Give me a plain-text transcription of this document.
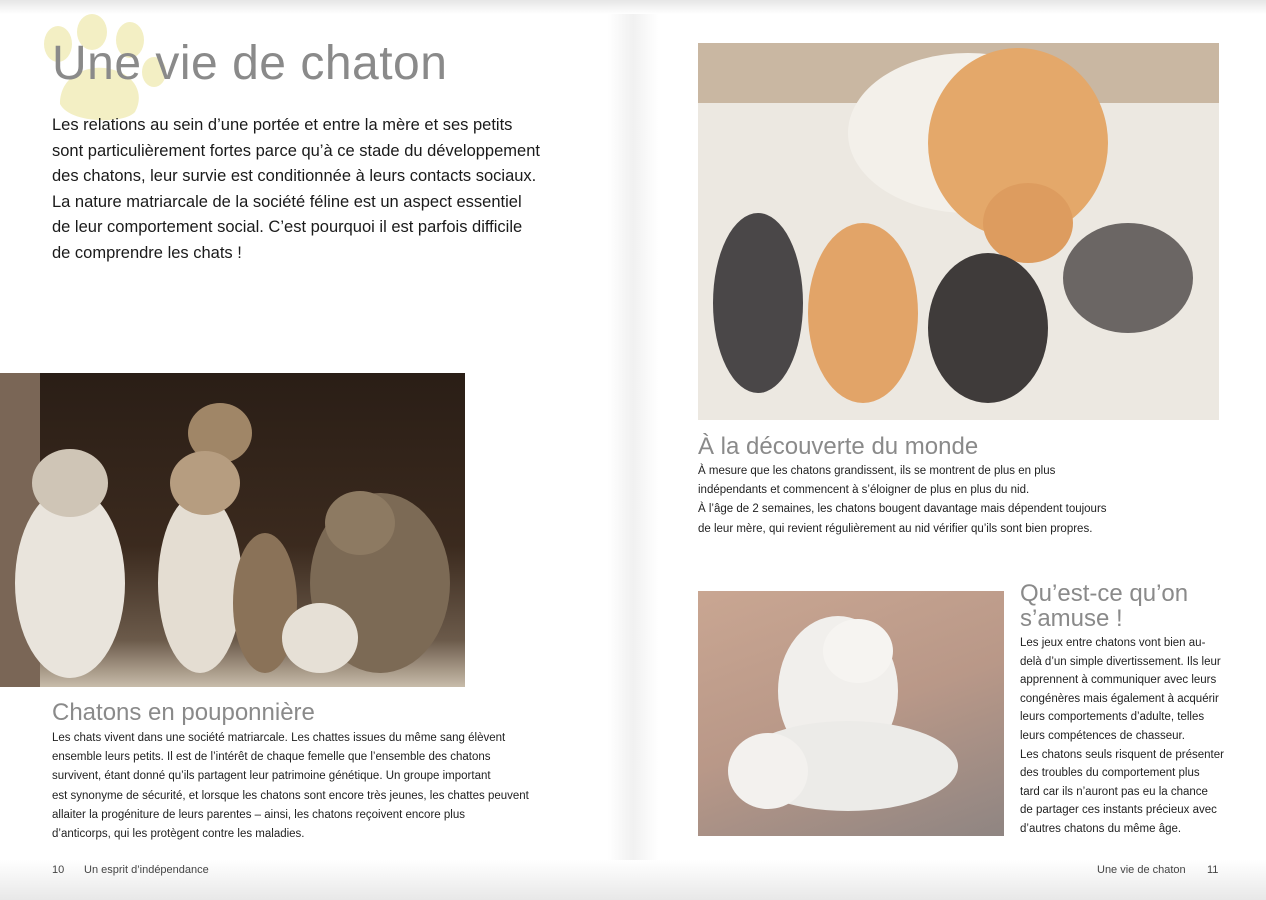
Une vie de chaton
Les relations au sein d’une portée et entre la mère et ses petits
sont particulièrement fortes parce qu’à ce stade du développement
des chatons, leur survie est conditionnée à leurs contacts sociaux.
La nature matriarcale de la société féline est un aspect essentiel
de leur comportement social. C’est pourquoi il est parfois difficile
de comprendre les chats !
Chatons en pouponnière
Les chats vivent dans une société matriarcale. Les chattes issues du même sang élèvent
ensemble leurs petits. Il est de l’intérêt de chaque femelle que l’ensemble des chatons
survivent, étant donné qu’ils partagent leur patrimoine génétique. Un groupe important
est synonyme de sécurité, et lorsque les chatons sont encore très jeunes, les chattes peuvent
allaiter la progéniture de leurs parentes – ainsi, les chatons reçoivent encore plus
d’anticorps, qui les protègent contre les maladies.
10 Un esprit d’indépendance
À la découverte du monde
À mesure que les chatons grandissent, ils se montrent de plus en plus
indépendants et commencent à s’éloigner de plus en plus du nid.
À l’âge de 2 semaines, les chatons bougent davantage mais dépendent toujours
de leur mère, qui revient régulièrement au nid vérifier qu’ils sont bien propres.
Qu’est-ce qu’on
s’amuse !
Les jeux entre chatons vont bien au-
delà d’un simple divertissement. Ils leur
apprennent à communiquer avec leurs
congénères mais également à acquérir
leurs comportements d’adulte, telles
leurs compétences de chasseur.
Les chatons seuls risquent de présenter
des troubles du comportement plus
tard car ils n’auront pas eu la chance
de partager ces instants précieux avec
d’autres chatons du même âge.
Une vie de chaton 11
